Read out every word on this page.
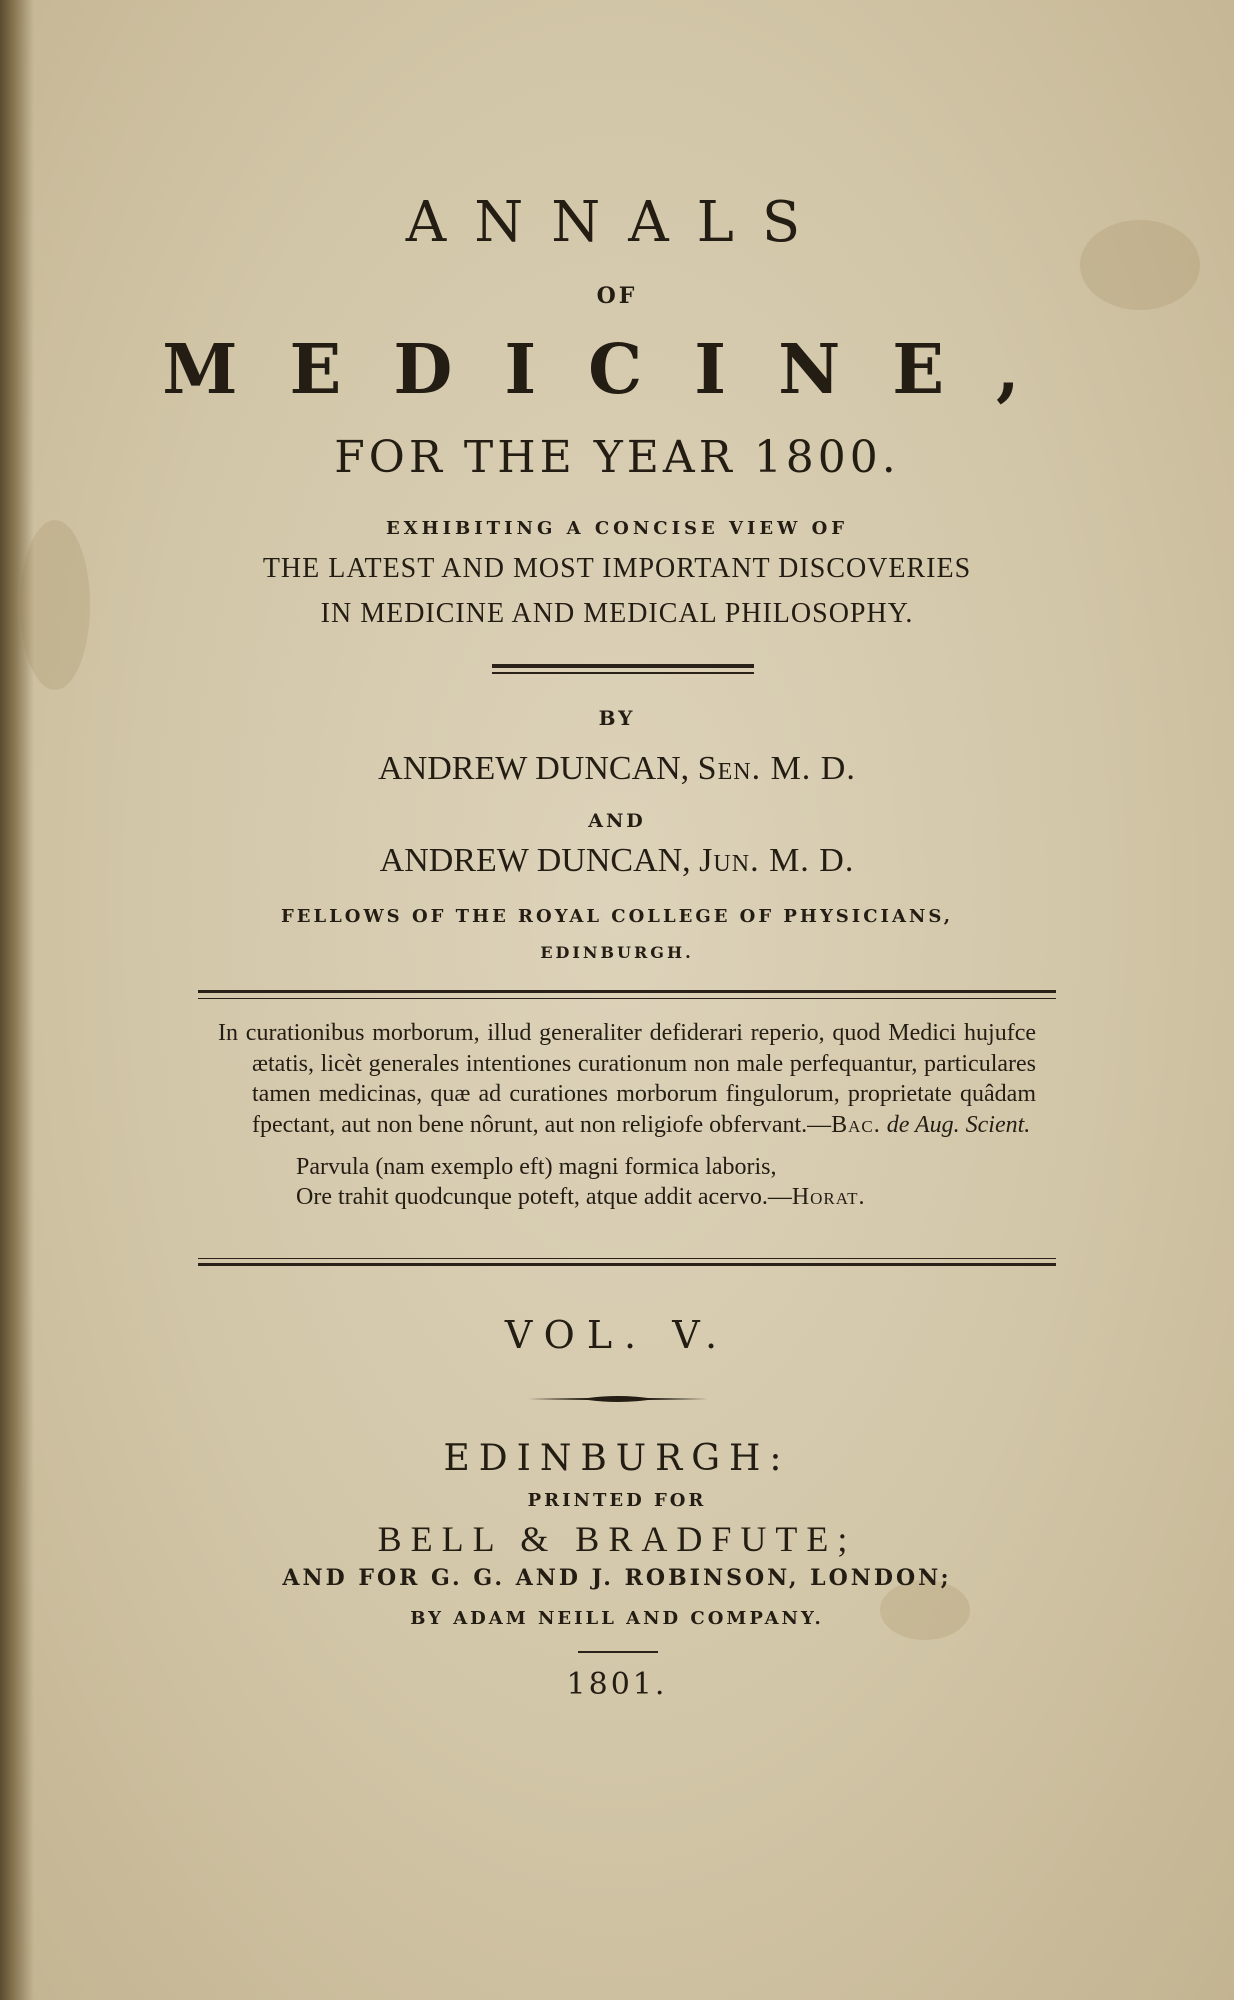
ANNALS
OF
MEDICINE,
FOR THE YEAR 1800.
EXHIBITING A CONCISE VIEW OF
THE LATEST AND MOST IMPORTANT DISCOVERIES
IN MEDICINE AND MEDICAL PHILOSOPHY.
BY
ANDREW DUNCAN, Sen. M. D.
AND
ANDREW DUNCAN, Jun. M. D.
FELLOWS OF THE ROYAL COLLEGE OF PHYSICIANS,
EDINBURGH.

In curationibus morborum, illud generaliter defiderari reperio, quod Medici hujufce ætatis, licèt generales intentiones curationum non male perfequantur, particulares tamen medicinas, quæ ad curationes morborum fingulorum, proprietate quâdam fpectant, aut non bene nôrunt, aut non religiofe obfervant.—Bac. de Aug. Scient.

Parvula (nam exemplo eft) magni formica laboris,
Ore trahit quodcunque poteft, atque addit acervo.—Horat.
VOL. V.
EDINBURGH:
PRINTED FOR
BELL & BRADFUTE;
AND FOR G. G. AND J. ROBINSON, LONDON;
BY ADAM NEILL AND COMPANY.
1801.
